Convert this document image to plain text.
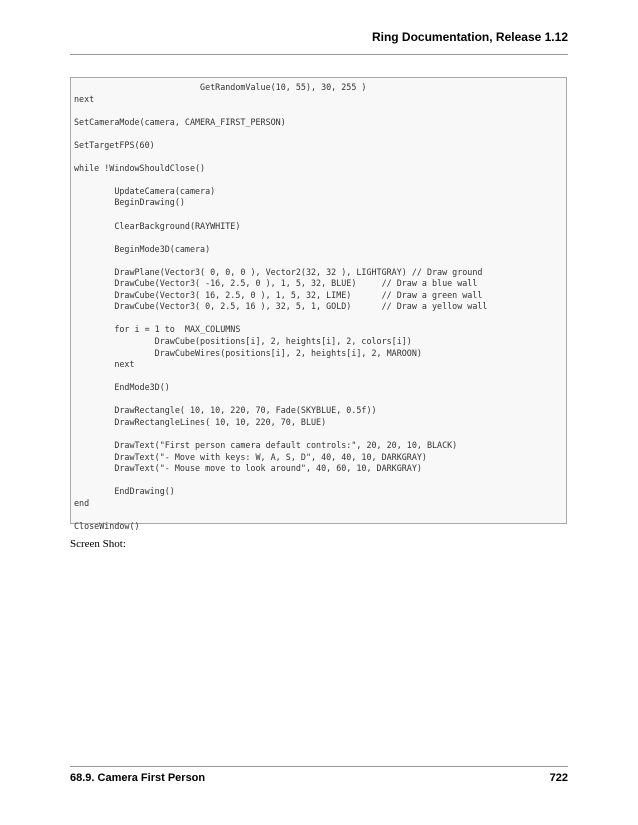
Ring Documentation, Release 1.12
GetRandomValue(10, 55), 30, 255 )
next

SetCameraMode(camera, CAMERA_FIRST_PERSON)

SetTargetFPS(60)

while !WindowShouldClose()

UpdateCamera(camera)
BeginDrawing()

ClearBackground(RAYWHITE)

BeginMode3D(camera)

DrawPlane(Vector3( 0, 0, 0 ), Vector2(32, 32 ), LIGHTGRAY) // Draw ground
DrawCube(Vector3( -16, 2.5, 0 ), 1, 5, 32, BLUE)     // Draw a blue wall
DrawCube(Vector3( 16, 2.5, 0 ), 1, 5, 32, LIME)      // Draw a green wall
DrawCube(Vector3( 0, 2.5, 16 ), 32, 5, 1, GOLD)      // Draw a yellow wall

for i = 1 to  MAX_COLUMNS
DrawCube(positions[i], 2, heights[i], 2, colors[i])
DrawCubeWires(positions[i], 2, heights[i], 2, MAROON)
next

EndMode3D()

DrawRectangle( 10, 10, 220, 70, Fade(SKYBLUE, 0.5f))
DrawRectangleLines( 10, 10, 220, 70, BLUE)

DrawText("First person camera default controls:", 20, 20, 10, BLACK)
DrawText("- Move with keys: W, A, S, D", 40, 40, 10, DARKGRAY)
DrawText("- Mouse move to look around", 40, 60, 10, DARKGRAY)

EndDrawing()
end

CloseWindow()
Screen Shot:
68.9. Camera First Person	722
